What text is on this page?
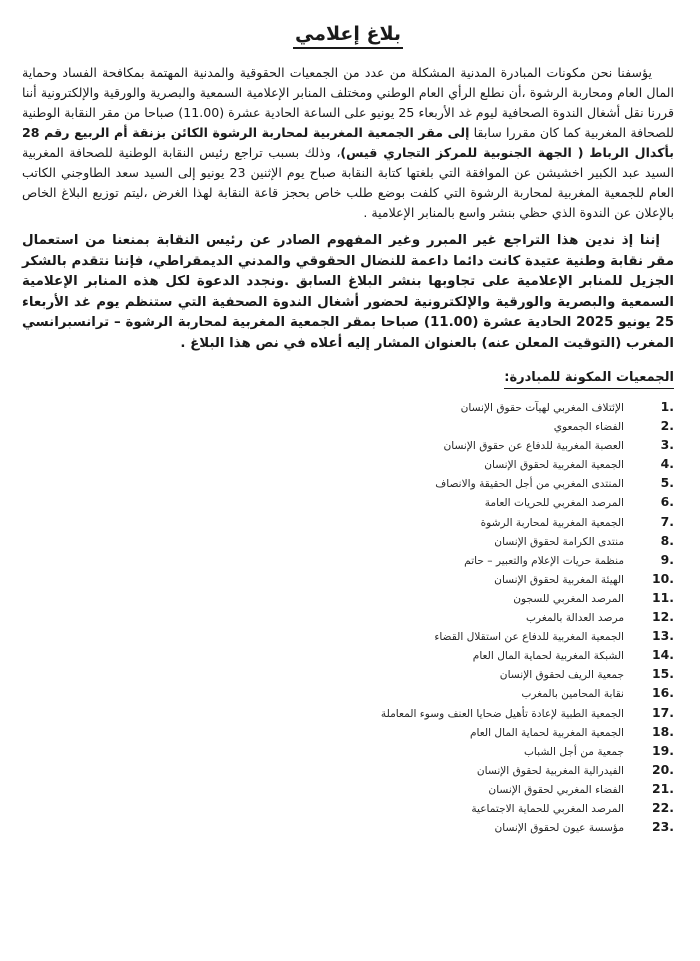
بلاغ إعلامي

يؤسفنا نحن مكونات المبادرة المدنية المشكلة من عدد من الجمعيات الحقوقية والمدنية المهتمة بمكافحة الفساد وحماية المال العام ومحاربة الرشوة ،أن نطلع الرأي العام الوطني ومختلف المنابر الإعلامية السمعية والبصرية والورقية والإلكترونية أننا قررنا نقل أشغال الندوة الصحافية ليوم غد الأربعاء 25 يونيو على الساعة الحادية عشرة (11.00) صباحا من مقر النقابة الوطنية للصحافة المغربية كما كان مقررا سابقا إلى مقر الجمعية المغربية لمحاربة الرشوة الكائن بزنقة أم الربيع رقم 28 بأكدال الرباط ( الجهة الجنوبية للمركز التجاري قيس)، وذلك بسبب تراجع رئيس النقابة الوطنية للصحافة المغربية السيد عبد الكبير اخشيشن عن الموافقة التي بلغتها كتابة النقابة صباح يوم الإثنين 23 يونيو إلى السيد سعد الطاوجني الكاتب العام للجمعية المغربية لمحاربة الرشوة التي كلفت بوضع طلب خاص بحجز قاعة النقابة لهذا الغرض ،ليتم توزيع البلاغ الخاص بالإعلان عن الندوة الذي حظي بنشر واسع بالمنابر الإعلامية .

إننا إذ ندين هذا التراجع غير المبرر وغير المفهوم الصادر عن رئيس النقابة بمنعنا من استعمال مقر نقابة وطنية عتيدة كانت دائما داعمة للنضال الحقوقي والمدني الديمقراطي، فإننا نتقدم بالشكر الجزيل للمنابر الإعلامية على تجاوبها بنشر البلاغ السابق .ونجدد الدعوة لكل هذه المنابر الإعلامية السمعية والبصرية والورقية والإلكترونية لحضور أشغال الندوة الصحفية التي ستنظم يوم غد الأربعاء 25 يونيو 2025 الحادية عشرة (11.00) صباحا بمقر الجمعية المغربية لمحاربة الرشوة – ترانسبرانسي المغرب (التوقيت المعلن عنه) بالعنوان المشار إليه أعلاه في نص هذا البلاغ .

الجمعيات المكونة للمبادرة:
1.
الإئتلاف المغربي لهيآت حقوق الإنسان
2.
الفضاء الجمعوي
3.
العصبة المغربية للدفاع عن حقوق الإنسان
4.
الجمعية المغربية لحقوق الإنسان
5.
المنتدى المغربي من أجل الحقيقة والانصاف
6.
المرصد المغربي للحريات العامة
7.
الجمعية المغربية لمحاربة الرشوة
8.
منتدى الكرامة لحقوق الإنسان
9.
منظمة حريات الإعلام والتعبير – حاتم
10.
الهيئة المغربية لحقوق الإنسان
11.
المرصد المغربي للسجون
12.
مرصد العدالة بالمغرب
13.
الجمعية المغربية للدفاع عن استقلال القضاء
14.
الشبكة المغربية لحماية المال العام
15.
جمعية الريف لحقوق الإنسان
16.
نقابة المحامين بالمغرب
17.
الجمعية الطبية لإعادة تأهيل ضحايا العنف وسوء المعاملة
18.
الجمعية المغربية لحماية المال العام
19.
جمعية من أجل الشباب
20.
الفيدرالية المغربية لحقوق الإنسان
21.
الفضاء المغربي لحقوق الإنسان
22.
المرصد المغربي للحماية الاجتماعية
23.
مؤسسة عيون لحقوق الإنسان
